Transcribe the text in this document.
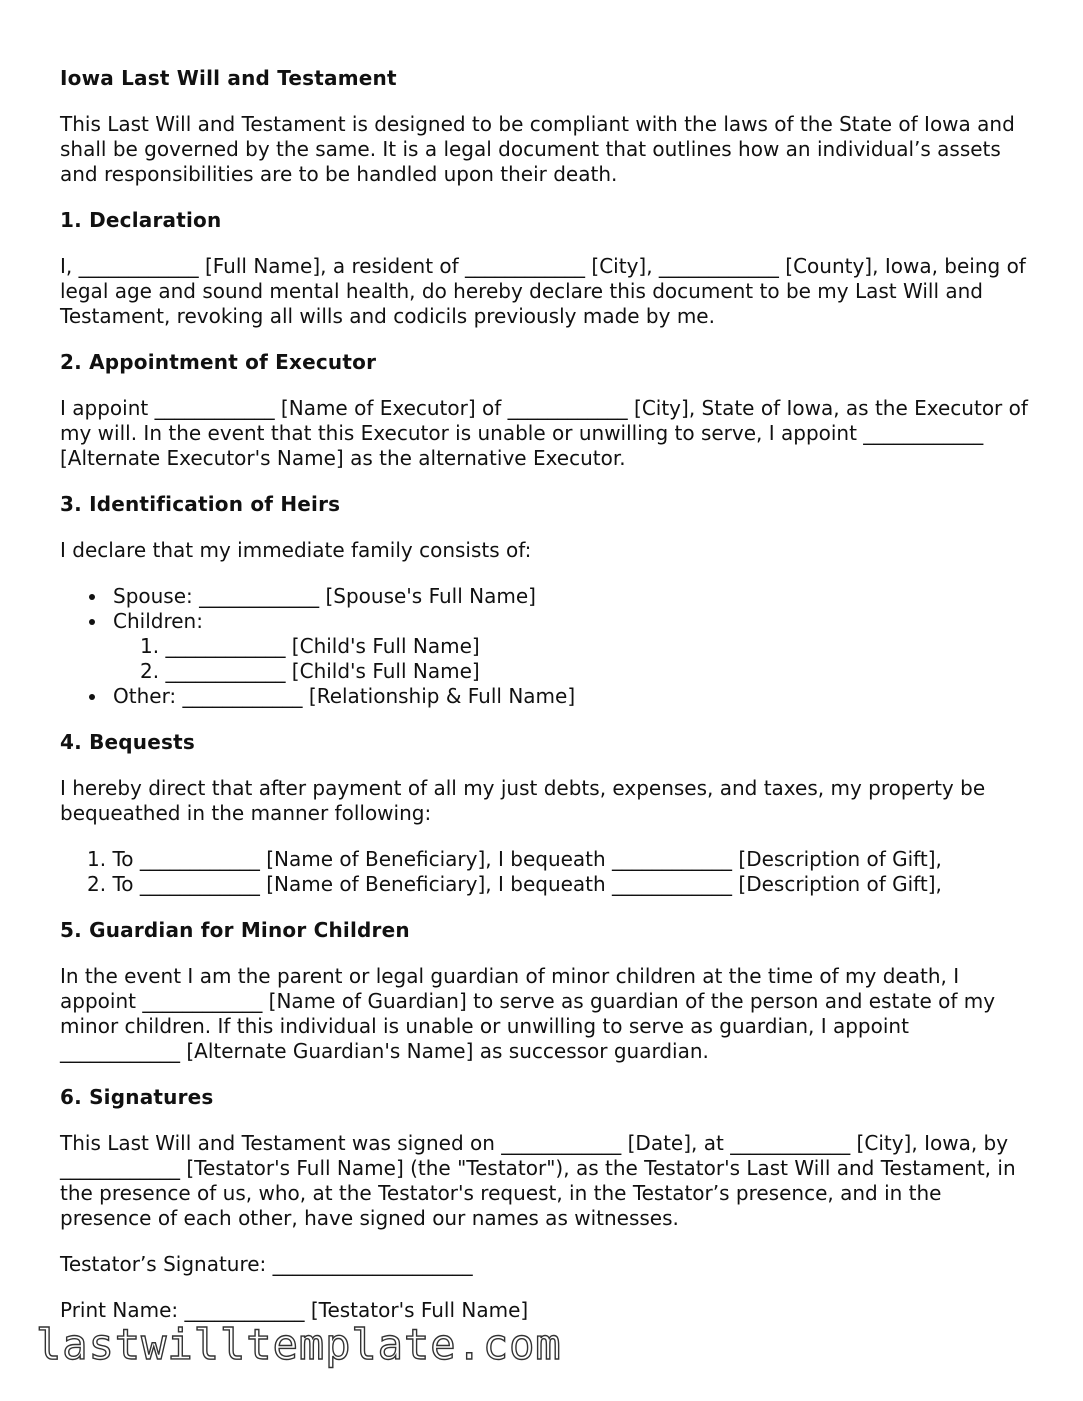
Iowa Last Will and Testament

This Last Will and Testament is designed to be compliant with the laws of the State of Iowa and shall be governed by the same. It is a legal document that outlines how an individual’s assets and responsibilities are to be handled upon their death.

1. Declaration

I, ____________ [Full Name], a resident of ____________ [City], ____________ [County], Iowa, being of legal age and sound mental health, do hereby declare this document to be my Last Will and Testament, revoking all wills and codicils previously made by me.

2. Appointment of Executor

I appoint ____________ [Name of Executor] of ____________ [City], State of Iowa, as the Executor of my will. In the event that this Executor is unable or unwilling to serve, I appoint ____________ [Alternate Executor's Name] as the alternative Executor.

3. Identification of Heirs

I declare that my immediate family consists of:

Spouse: ____________ [Spouse's Full Name]
Children:
1. ____________ [Child's Full Name]
2. ____________ [Child's Full Name]
Other: ____________ [Relationship & Full Name]
4. Bequests

I hereby direct that after payment of all my just debts, expenses, and taxes, my property be bequeathed in the manner following:

1. To ____________ [Name of Beneficiary], I bequeath ____________ [Description of Gift],
2. To ____________ [Name of Beneficiary], I bequeath ____________ [Description of Gift],
5. Guardian for Minor Children

In the event I am the parent or legal guardian of minor children at the time of my death, I appoint ____________ [Name of Guardian] to serve as guardian of the person and estate of my minor children. If this individual is unable or unwilling to serve as guardian, I appoint ____________ [Alternate Guardian's Name] as successor guardian.

6. Signatures

This Last Will and Testament was signed on ____________ [Date], at ____________ [City], Iowa, by ____________ [Testator's Full Name] (the "Testator"), as the Testator's Last Will and Testament, in the presence of us, who, at the Testator's request, in the Testator’s presence, and in the presence of each other, have signed our names as witnesses.

Testator’s Signature: ____________________

Print Name: ____________ [Testator's Full Name]

lastwilltemplate.com
